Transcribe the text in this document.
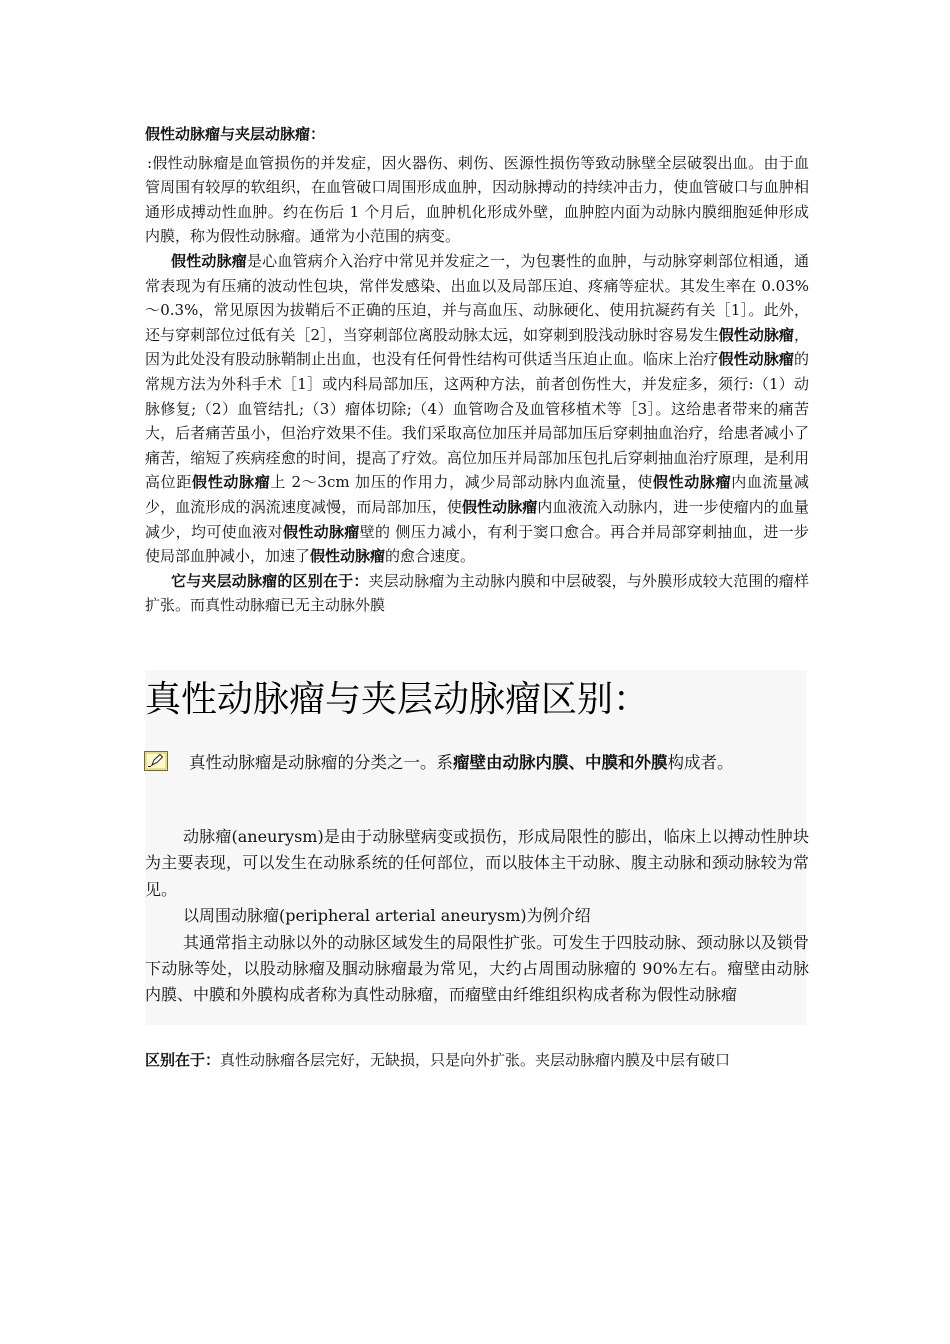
假性动脉瘤与夹层动脉瘤：

:假性动脉瘤是血管损伤的并发症，因火器伤、刺伤、医源性损伤等致动脉壁全层破裂出血。由于血管周围有较厚的软组织，在血管破口周围形成血肿，因动脉搏动的持续冲击力，使血管破口与血肿相通形成搏动性血肿。约在伤后 1 个月后，血肿机化形成外壁，血肿腔内面为动脉内膜细胞延伸形成内膜，称为假性动脉瘤。通常为小范围的病变。

假性动脉瘤是心血管病介入治疗中常见并发症之一，为包裹性的血肿，与动脉穿刺部位相通，通常表现为有压痛的波动性包块，常伴发感染、出血以及局部压迫、疼痛等症状。其发生率在 0.03%～0.3%，常见原因为拔鞘后不正确的压迫，并与高血压、动脉硬化、使用抗凝药有关［1］。此外，还与穿刺部位过低有关［2］，当穿刺部位离股动脉太远，如穿刺到股浅动脉时容易发生假性动脉瘤，因为此处没有股动脉鞘制止出血，也没有任何骨性结构可供适当压迫止血。临床上治疗假性动脉瘤的常规方法为外科手术［1］或内科局部加压，这两种方法，前者创伤性大，并发症多，须行:（1）动脉修复;（2）血管结扎;（3）瘤体切除;（4）血管吻合及血管移植术等［3］。这给患者带来的痛苦大，后者痛苦虽小，但治疗效果不佳。我们采取高位加压并局部加压后穿刺抽血治疗，给患者减小了痛苦，缩短了疾病痊愈的时间，提高了疗效。高位加压并局部加压包扎后穿刺抽血治疗原理，是利用高位距假性动脉瘤上 2～3cm 加压的作用力，减少局部动脉内血流量，使假性动脉瘤内血流量减少，血流形成的涡流速度减慢，而局部加压，使假性动脉瘤内血液流入动脉内，进一步使瘤内的血量减少，均可使血液对假性动脉瘤壁的 侧压力减小，有利于窦口愈合。再合并局部穿刺抽血，进一步使局部血肿减小，加速了假性动脉瘤的愈合速度。

它与夹层动脉瘤的区别在于：夹层动脉瘤为主动脉内膜和中层破裂，与外膜形成较大范围的瘤样扩张。而真性动脉瘤已无主动脉外膜

真性动脉瘤与夹层动脉瘤区别：
真性动脉瘤是动脉瘤的分类之一。系瘤壁由动脉内膜、中膜和外膜构成者。

动脉瘤(aneurysm)是由于动脉壁病变或损伤，形成局限性的膨出，临床上以搏动性肿块为主要表现，可以发生在动脉系统的任何部位，而以肢体主干动脉、腹主动脉和颈动脉较为常见。

以周围动脉瘤(peripheral arterial aneurysm)为例介绍

其通常指主动脉以外的动脉区域发生的局限性扩张。可发生于四肢动脉、颈动脉以及锁骨下动脉等处，以股动脉瘤及腘动脉瘤最为常见，大约占周围动脉瘤的 90%左右。瘤壁由动脉内膜、中膜和外膜构成者称为真性动脉瘤，而瘤壁由纤维组织构成者称为假性动脉瘤

区别在于：真性动脉瘤各层完好，无缺损，只是向外扩张。夹层动脉瘤内膜及中层有破口
